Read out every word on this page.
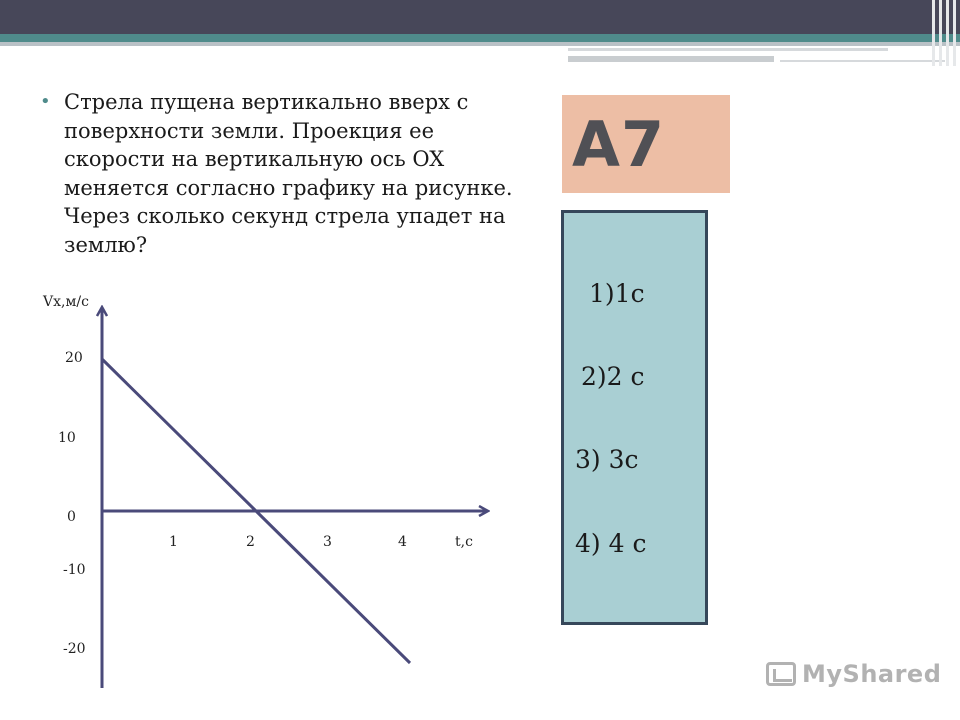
• Стрела пущена вертикально вверх с поверхности земли. Проекция ее скорости на вертикальную ось OX меняется согласно графику на рисунке. Через сколько секунд стрела упадет на землю?
A7
1)1с
2)2 с
3) 3с
4) 4 с
Vx,м/с
t,с
1	2	3	4
20
10
0
-10
-20
MyShared
